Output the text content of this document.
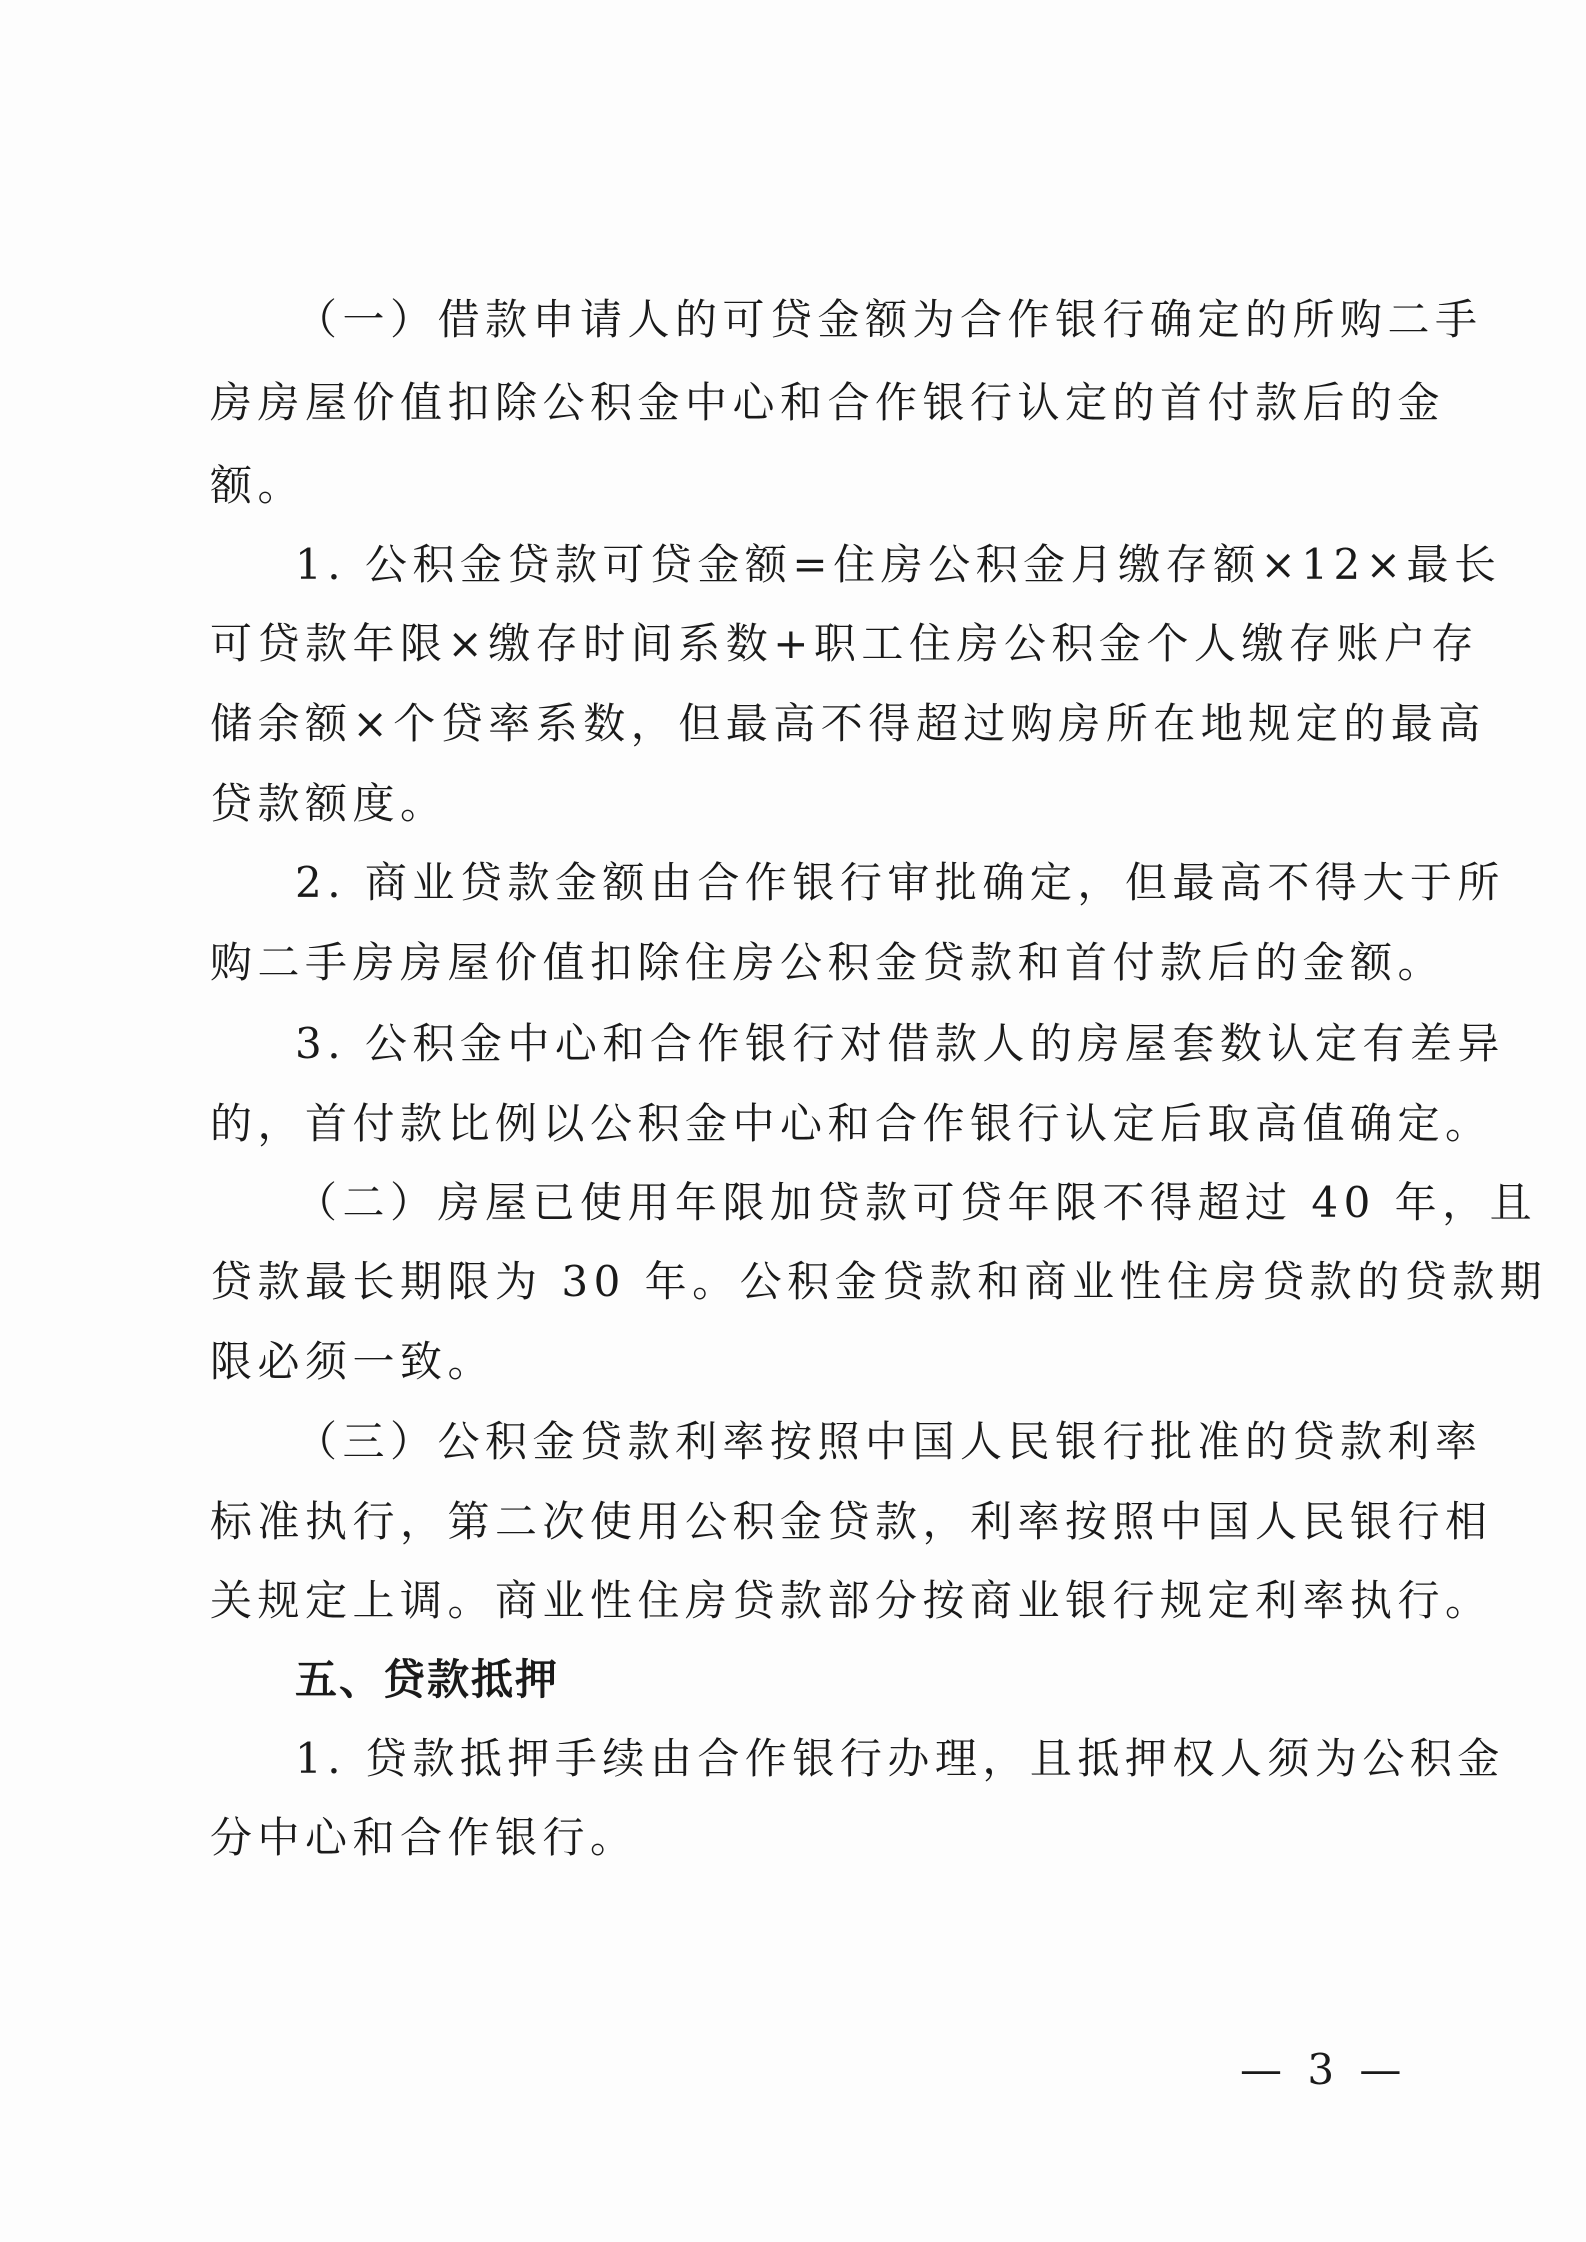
（一）借款申请人的可贷金额为合作银行确定的所购二手
房房屋价值扣除公积金中心和合作银行认定的首付款后的金
额。
1. 公积金贷款可贷金额=住房公积金月缴存额×12×最长
可贷款年限×缴存时间系数+职工住房公积金个人缴存账户存
储余额×个贷率系数，但最高不得超过购房所在地规定的最高
贷款额度。
2. 商业贷款金额由合作银行审批确定，但最高不得大于所
购二手房房屋价值扣除住房公积金贷款和首付款后的金额。
3. 公积金中心和合作银行对借款人的房屋套数认定有差异
的，首付款比例以公积金中心和合作银行认定后取高值确定。
（二）房屋已使用年限加贷款可贷年限不得超过 40 年，且
贷款最长期限为 30 年。公积金贷款和商业性住房贷款的贷款期
限必须一致。
（三）公积金贷款利率按照中国人民银行批准的贷款利率
标准执行，第二次使用公积金贷款，利率按照中国人民银行相
关规定上调。商业性住房贷款部分按商业银行规定利率执行。
五、贷款抵押
1. 贷款抵押手续由合作银行办理，且抵押权人须为公积金
分中心和合作银行。
— 3 —
